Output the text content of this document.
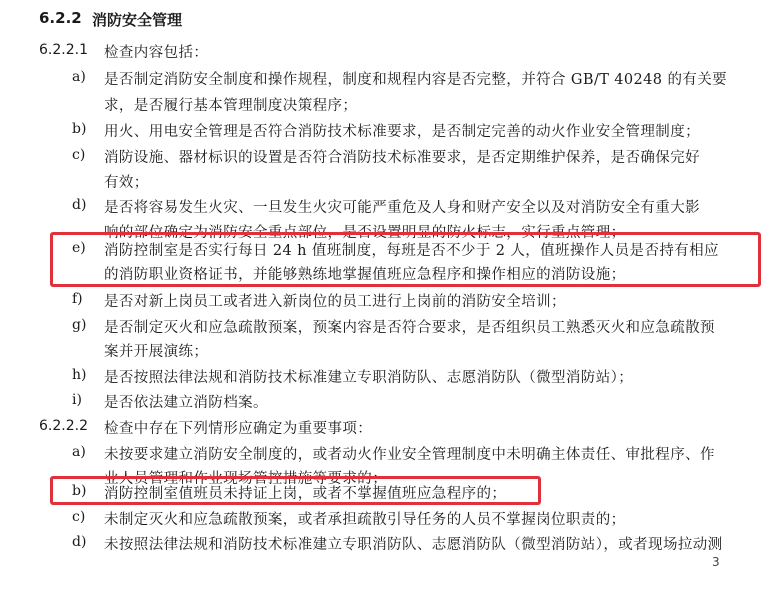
6.2.2 消防安全管理
6.2.2.1 检查内容包括：
a) 是否制定消防安全制度和操作规程，制度和规程内容是否完整，并符合 GB/T 40248 的有关要
求，是否履行基本管理制度决策程序；
b) 用火、用电安全管理是否符合消防技术标准要求，是否制定完善的动火作业安全管理制度；
c) 消防设施、器材标识的设置是否符合消防技术标准要求，是否定期维护保养，是否确保完好
有效；
d) 是否将容易发生火灾、一旦发生火灾可能严重危及人身和财产安全以及对消防安全有重大影
响的部位确定为消防安全重点部位，是否设置明显的防火标志，实行重点管理；
e) 消防控制室是否实行每日 24 h 值班制度，每班是否不少于 2 人，值班操作人员是否持有相应
的消防职业资格证书，并能够熟练地掌握值班应急程序和操作相应的消防设施；
f) 是否对新上岗员工或者进入新岗位的员工进行上岗前的消防安全培训；
g) 是否制定灭火和应急疏散预案，预案内容是否符合要求，是否组织员工熟悉灭火和应急疏散预
案并开展演练；
h) 是否按照法律法规和消防技术标准建立专职消防队、志愿消防队（微型消防站）；
i) 是否依法建立消防档案。
6.2.2.2 检查中存在下列情形应确定为重要事项：
a) 未按要求建立消防安全制度的，或者动火作业安全管理制度中未明确主体责任、审批程序、作
业人员管理和作业现场管控措施等要求的；
b) 消防控制室值班员未持证上岗，或者不掌握值班应急程序的；
c) 未制定灭火和应急疏散预案，或者承担疏散引导任务的人员不掌握岗位职责的；
d) 未按照法律法规和消防技术标准建立专职消防队、志愿消防队（微型消防站），或者现场拉动测
3
